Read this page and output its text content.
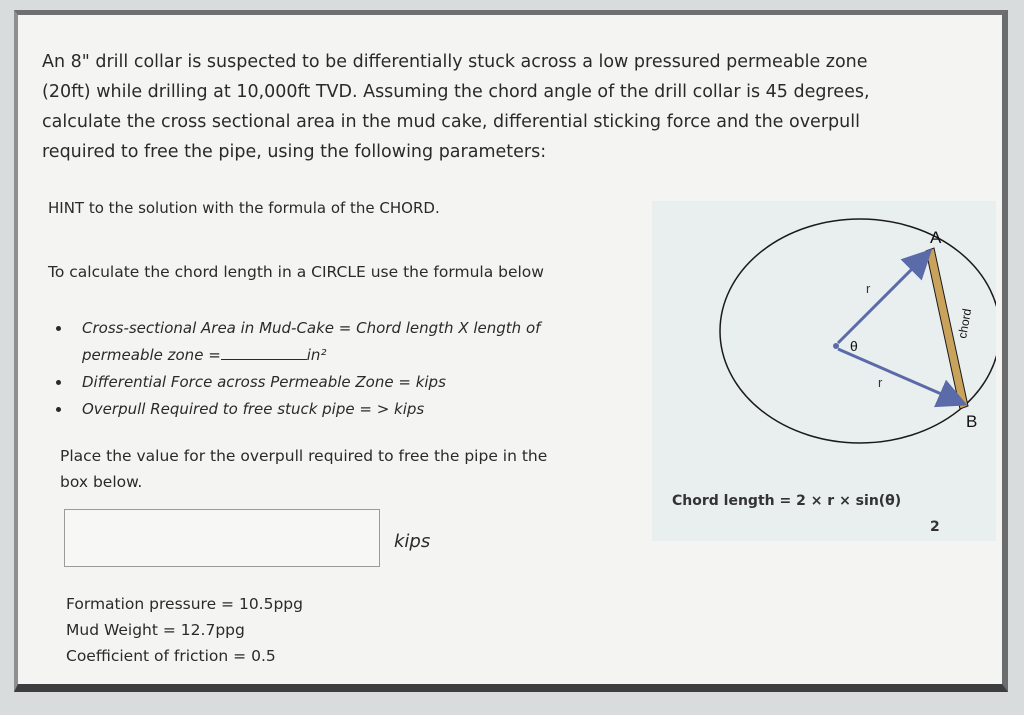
An 8" drill collar is suspected to be differentially stuck across a low pressured permeable zone
(20ft) while drilling at 10,000ft TVD. Assuming the chord angle of the drill collar is 45 degrees,
calculate the cross sectional area in the mud cake, differential sticking force and the overpull
required to free the pipe, using the following parameters:
HINT to the solution with the formula of the CHORD.
To calculate the chord length in a CIRCLE use the formula below
• Cross-sectional Area in Mud-Cake = Chord length X length of
permeable zone =	in²
• Differential Force across Permeable Zone = kips
• Overpull Required to free stuck pipe = > kips
Place the value for the overpull required to free the pipe in the
box below.
kips
Formation pressure = 10.5ppg
Mud Weight = 12.7ppg
Coefficient of friction = 0.5
A
B
r
r
θ
chord
Chord length = 2 × r × sin(θ)
2
